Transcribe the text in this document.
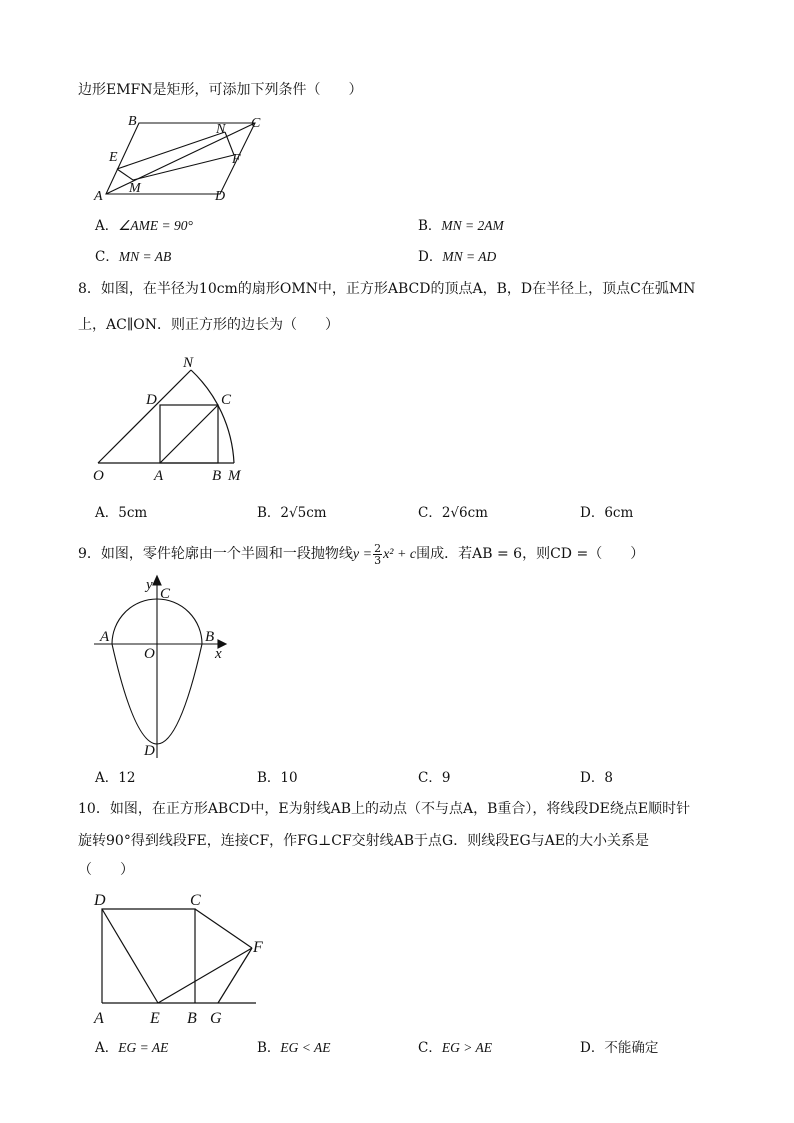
边形EMFN是矩形，可添加下列条件（　　）
B	C
N
E	F
A
M
D
A．∠AME = 90°	B．MN = 2AM
C．MN = AB	D．MN = AD
8．如图，在半径为10cm的扇形OMN中，正方形ABCD的顶点A，B，D在半径上，顶点C在弧MN
上，AC∥ON．则正方形的边长为（　　）
N
D	C
O	A	B M
A．5cm	B．2√5cm	C．2√6cm	D．6cm
9．如图，零件轮廓由一个半圆和一段抛物线$y = \frac{2}{3} x^2 + c$围成．若AB = 6，则CD =（　　）
y
C
A	B
O	x
D
A．12	B．10	C．9	D．8
10．如图，在正方形ABCD中，E为射线AB上的动点（不与点A，B重合），将线段DE绕点E顺时针
旋转90°得到线段FE，连接CF，作FG⊥CF交射线AB于点G．则线段EG与AE的大小关系是
（　　）
D	C
F
A	E B G
A．EG = AE	B．EG < AE	C．EG > AE	D．不能确定
